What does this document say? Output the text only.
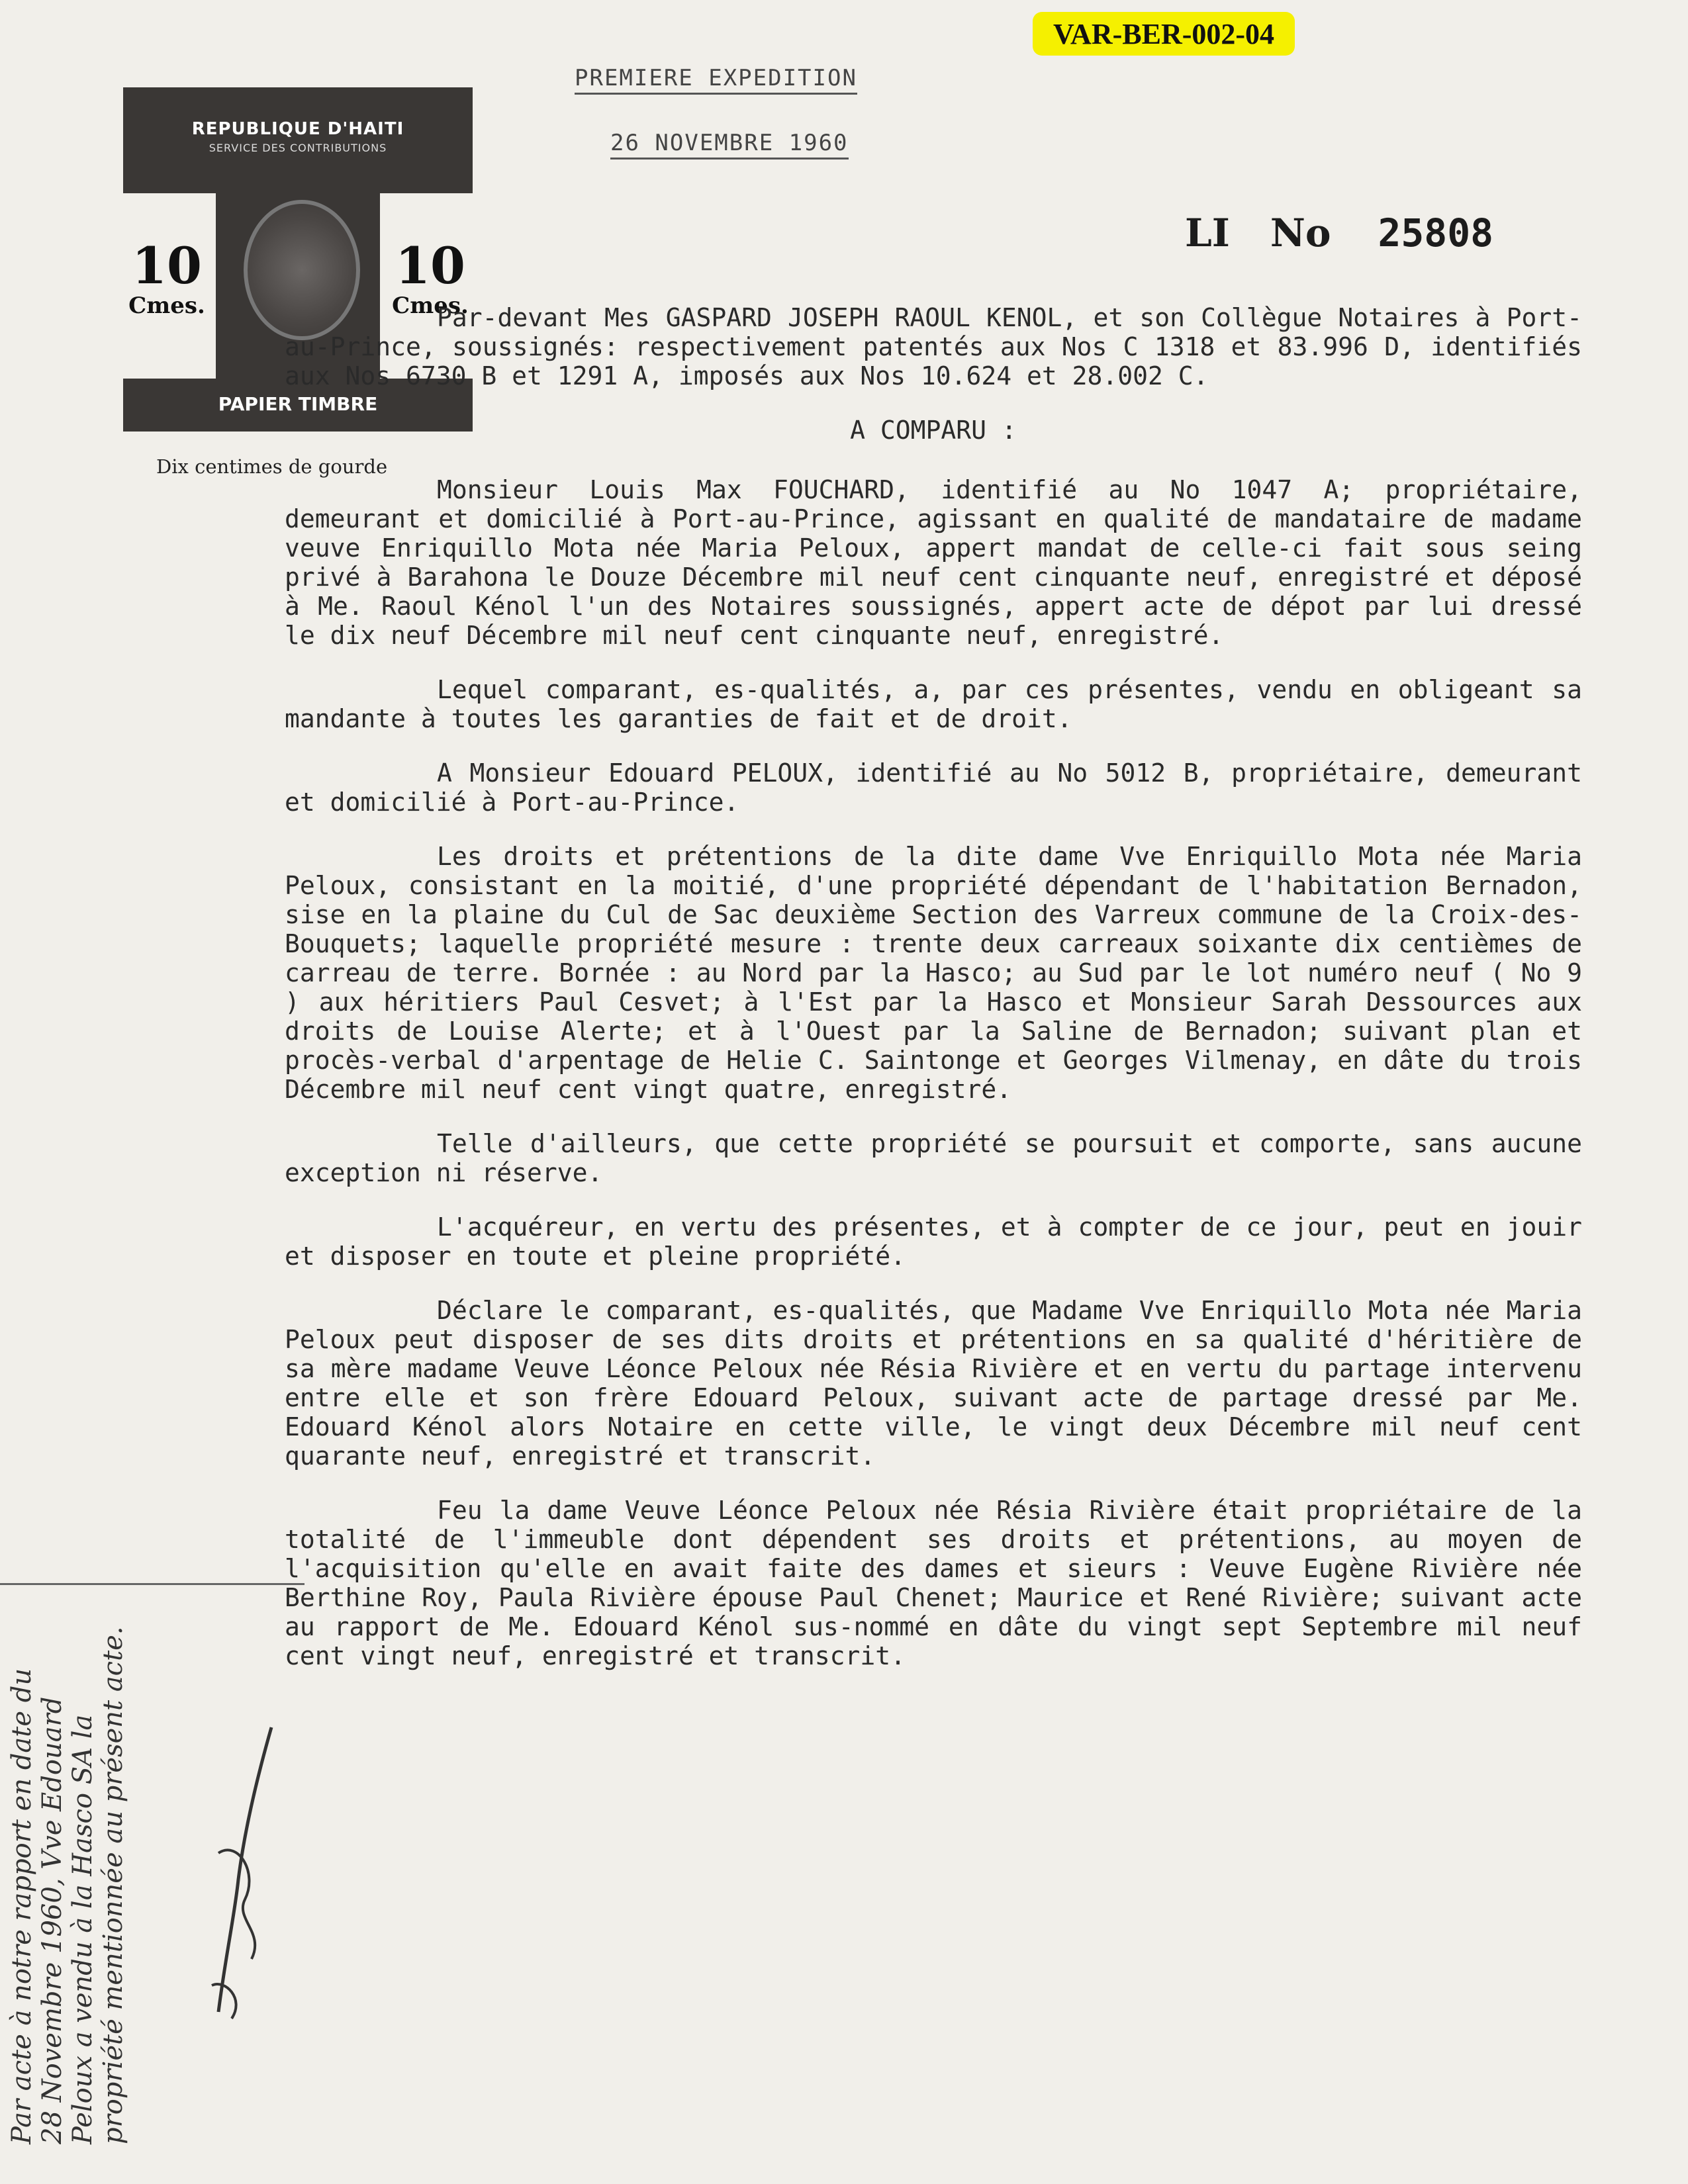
VAR-BER-002-04
PREMIERE EXPEDITION
26 NOVEMBRE 1960
LI No 25808
REPUBLIQUE D'HAITI
SERVICE DES CONTRIBUTIONS
PAPIER TIMBRE
10
Cmes.
10
Cmes.
Dix centimes de gourde

Par-devant Mes GASPARD JOSEPH RAOUL KENOL, et son Collègue Notaires à Port-au-Prince, soussignés: respectivement patentés aux Nos C 1318 et 83.996 D, identifiés aux Nos 6730 B et 1291 A, imposés aux Nos 10.624 et 28.002 C.

A COMPARU :

Monsieur Louis Max FOUCHARD, identifié au No 1047 A; propriétaire, demeurant et domicilié à Port-au-Prince, agissant en qualité de mandataire de madame veuve Enriquillo Mota née Maria Peloux, appert mandat de celle-ci fait sous seing privé à Barahona le Douze Décembre mil neuf cent cinquante neuf, enregistré et déposé à Me. Raoul Kénol l'un des Notaires soussignés, appert acte de dépot par lui dressé le dix neuf Décembre mil neuf cent cinquante neuf, enregistré.

Lequel comparant, es-qualités, a, par ces présentes, vendu en obligeant sa mandante à toutes les garanties de fait et de droit.

A Monsieur Edouard PELOUX, identifié au No 5012 B, propriétaire, demeurant et domicilié à Port-au-Prince.

Les droits et prétentions de la dite dame Vve Enriquillo Mota née Maria Peloux, consistant en la moitié, d'une propriété dépendant de l'habitation Bernadon, sise en la plaine du Cul de Sac deuxième Section des Varreux commune de la Croix-des-Bouquets; laquelle propriété mesure : trente deux carreaux soixante dix centièmes de carreau de terre. Bornée : au Nord par la Hasco; au Sud par le lot numéro neuf ( No 9 ) aux héritiers Paul Cesvet; à l'Est par la Hasco et Monsieur Sarah Dessources aux droits de Louise Alerte; et à l'Ouest par la Saline de Bernadon; suivant plan et procès-verbal d'arpentage de Helie C. Saintonge et Georges Vilmenay, en dâte du trois Décembre mil neuf cent vingt quatre, enregistré.

Telle d'ailleurs, que cette propriété se poursuit et comporte, sans aucune exception ni réserve.

L'acquéreur, en vertu des présentes, et à compter de ce jour, peut en jouir et disposer en toute et pleine propriété.

Déclare le comparant, es-qualités, que Madame Vve Enriquillo Mota née Maria Peloux peut disposer de ses dits droits et prétentions en sa qualité d'héritière de sa mère madame Veuve Léonce Peloux née Résia Rivière et en vertu du partage intervenu entre elle et son frère Edouard Peloux, suivant acte de partage dressé par Me. Edouard Kénol alors Notaire en cette ville, le vingt deux Décembre mil neuf cent quarante neuf, enregistré et transcrit.

Feu la dame Veuve Léonce Peloux née Résia Rivière était propriétaire de la totalité de l'immeuble dont dépendent ses droits et prétentions, au moyen de l'acquisition qu'elle en avait faite des dames et sieurs : Veuve Eugène Rivière née Berthine Roy, Paula Rivière épouse Paul Chenet; Maurice et René Rivière; suivant acte au rapport de Me. Edouard Kénol sus-nommé en dâte du vingt sept Septembre mil neuf cent vingt neuf, enregistré et transcrit.

Par acte à notre rapport en date du 28 Novembre 1960, Vve Edouard Peloux a vendu à la Hasco SA la propriété mentionnée au présent acte.
